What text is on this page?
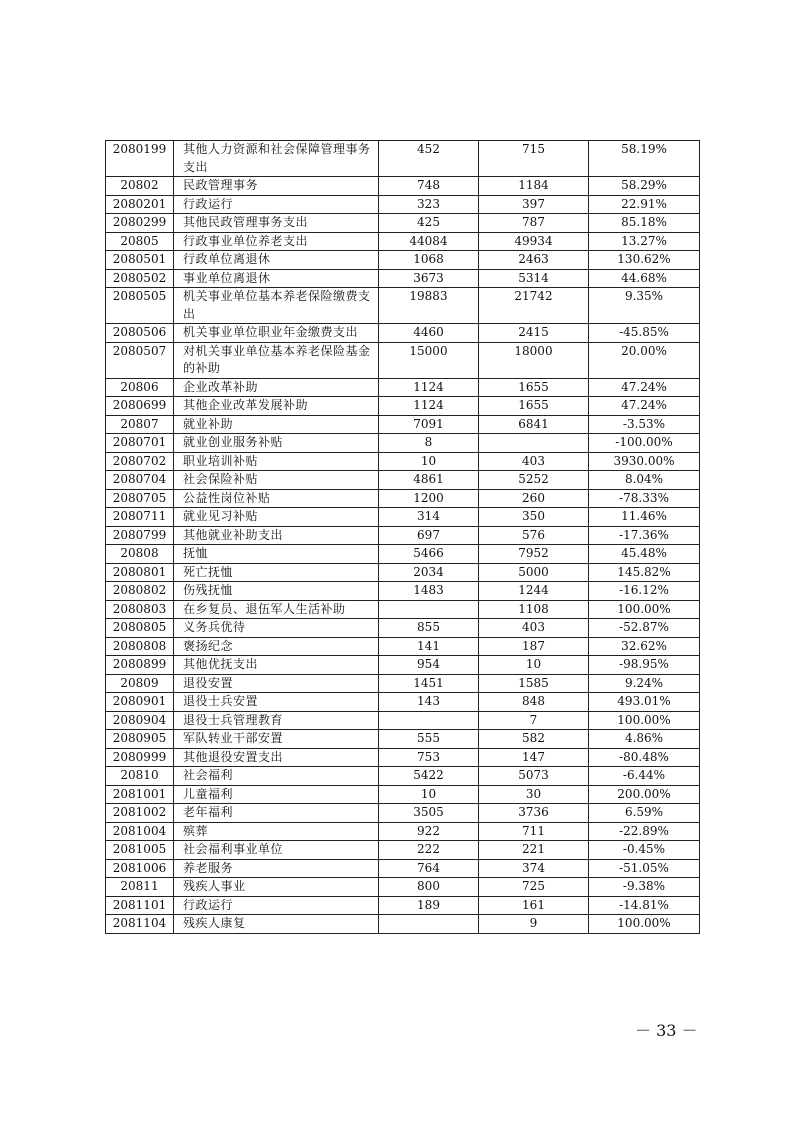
2080199	其他人力资源和社会保障管理事务支出	452	715	58.19%
20802	民政管理事务	748	1184	58.29%
2080201	行政运行	323	397	22.91%
2080299	其他民政管理事务支出	425	787	85.18%
20805	行政事业单位养老支出	44084	49934	13.27%
2080501	行政单位离退休	1068	2463	130.62%
2080502	事业单位离退休	3673	5314	44.68%
2080505	机关事业单位基本养老保险缴费支出	19883	21742	9.35%
2080506	机关事业单位职业年金缴费支出	4460	2415	-45.85%
2080507	对机关事业单位基本养老保险基金的补助	15000	18000	20.00%
20806	企业改革补助	1124	1655	47.24%
2080699	其他企业改革发展补助	1124	1655	47.24%
20807	就业补助	7091	6841	-3.53%
2080701	就业创业服务补贴	8		-100.00%
2080702	职业培训补贴	10	403	3930.00%
2080704	社会保险补贴	4861	5252	8.04%
2080705	公益性岗位补贴	1200	260	-78.33%
2080711	就业见习补贴	314	350	11.46%
2080799	其他就业补助支出	697	576	-17.36%
20808	抚恤	5466	7952	45.48%
2080801	死亡抚恤	2034	5000	145.82%
2080802	伤残抚恤	1483	1244	-16.12%
2080803	在乡复员、退伍军人生活补助		1108	100.00%
2080805	义务兵优待	855	403	-52.87%
2080808	褒扬纪念	141	187	32.62%
2080899	其他优抚支出	954	10	-98.95%
20809	退役安置	1451	1585	9.24%
2080901	退役士兵安置	143	848	493.01%
2080904	退役士兵管理教育		7	100.00%
2080905	军队转业干部安置	555	582	4.86%
2080999	其他退役安置支出	753	147	-80.48%
20810	社会福利	5422	5073	-6.44%
2081001	儿童福利	10	30	200.00%
2081002	老年福利	3505	3736	6.59%
2081004	殡葬	922	711	-22.89%
2081005	社会福利事业单位	222	221	-0.45%
2081006	养老服务	764	374	-51.05%
20811	残疾人事业	800	725	-9.38%
2081101	行政运行	189	161	-14.81%
2081104	残疾人康复		9	100.00%
－ 33 －
